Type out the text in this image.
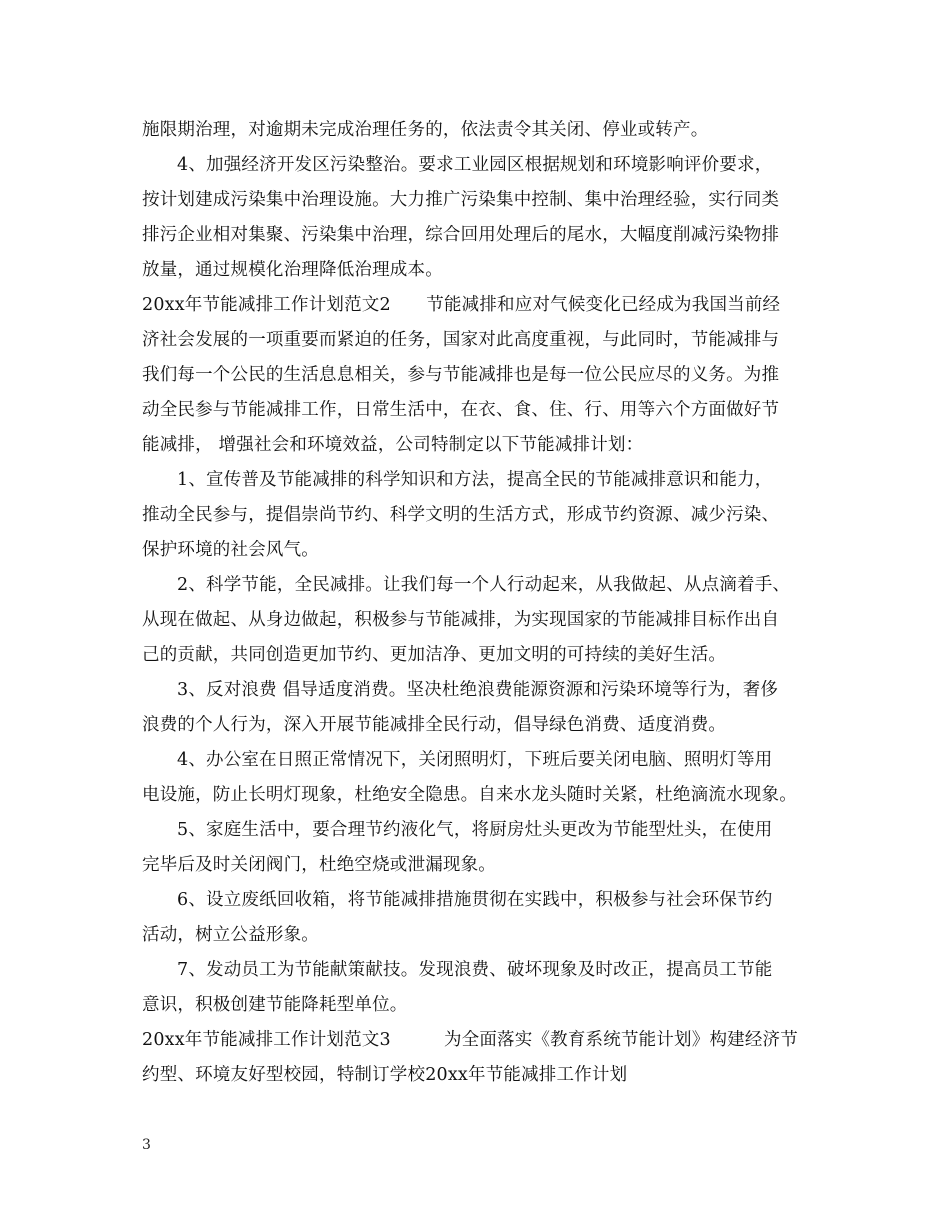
施限期治理，对逾期未完成治理任务的，依法责令其关闭、停业或转产。
4、加强经济开发区污染整治。要求工业园区根据规划和环境影响评价要求，
按计划建成污染集中治理设施。大力推广污染集中控制、集中治理经验，实行同类
排污企业相对集聚、污染集中治理，综合回用处理后的尾水，大幅度削减污染物排
放量，通过规模化治理降低治理成本。
20xx年节能减排工作计划范文2　　节能减排和应对气候变化已经成为我国当前经
济社会发展的一项重要而紧迫的任务，国家对此高度重视，与此同时，节能减排与
我们每一个公民的生活息息相关，参与节能减排也是每一位公民应尽的义务。为推
动全民参与节能减排工作，日常生活中，在衣、食、住、行、用等六个方面做好节
能减排， 增强社会和环境效益，公司特制定以下节能减排计划：
1、宣传普及节能减排的科学知识和方法，提高全民的节能减排意识和能力，
推动全民参与，提倡崇尚节约、科学文明的生活方式，形成节约资源、减少污染、
保护环境的社会风气。
2、科学节能，全民减排。让我们每一个人行动起来，从我做起、从点滴着手、
从现在做起、从身边做起，积极参与节能减排，为实现国家的节能减排目标作出自
己的贡献，共同创造更加节约、更加洁净、更加文明的可持续的美好生活。
3、反对浪费 倡导适度消费。坚决杜绝浪费能源资源和污染环境等行为，奢侈
浪费的个人行为，深入开展节能减排全民行动，倡导绿色消费、适度消费。
4、办公室在日照正常情况下，关闭照明灯，下班后要关闭电脑、照明灯等用
电设施，防止长明灯现象，杜绝安全隐患。自来水龙头随时关紧，杜绝滴流水现象。
5、家庭生活中，要合理节约液化气，将厨房灶头更改为节能型灶头，在使用
完毕后及时关闭阀门，杜绝空烧或泄漏现象。
6、设立废纸回收箱，将节能减排措施贯彻在实践中，积极参与社会环保节约
活动，树立公益形象。
7、发动员工为节能献策献技。发现浪费、破坏现象及时改正，提高员工节能
意识，积极创建节能降耗型单位。
20xx年节能减排工作计划范文3　　　为全面落实《教育系统节能计划》构建经济节
约型、环境友好型校园，特制订学校20xx年节能减排工作计划
3
